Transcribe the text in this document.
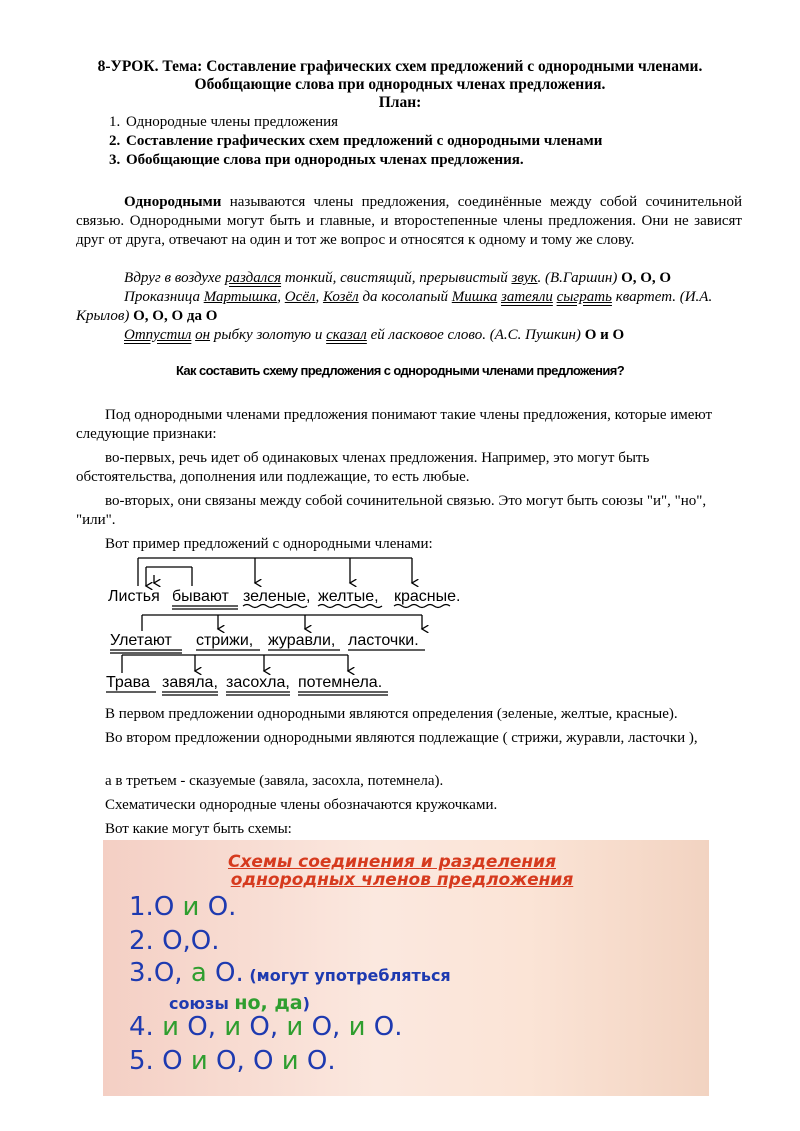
8-УРОК. Тема: Составление графических схем предложений с однородными членами.
Обобщающие слова при однородных членах предложения.
План:
1. Однородные члены предложения
2. Составление графических схем предложений с однородными членами
3. Обобщающие слова при однородных членах предложения.
Однородными называются члены предложения, соединённые между собой сочинительной связью. Однородными могут быть и главные, и второстепенные члены предложения. Они не зависят друг от друга, отвечают на один и тот же вопрос и относятся к одному и тому же слову.
Вдруг в воздухе раздался тонкий, свистящий, прерывистый звук. (В.Гаршин) О, О, О
Проказница Мартышка, Осёл, Козёл да косолапый Мишка затеяли сыграть квартет. (И.А. Крылов) О, О, О да О
Отпустил он рыбку золотую и сказал ей ласковое слово. (А.С. Пушкин) О и О
Как составить схему предложения с однородными членами предложения?
Под однородными членами предложения понимают такие члены предложения, которые имеют следующие признаки:
во-первых, речь идет об одинаковых членах предложения. Например, это могут быть обстоятельства, дополнения или подлежащие, то есть любые.
во-вторых, они связаны между собой сочинительной связью. Это могут быть союзы "и", "но", "или".
Вот пример предложений с однородными членами:
Листья бывают зеленые, желтые, красные.
Улетают стрижи, журавли, ласточки.
Трава завяла, засохла, потемнела.
В первом предложении однородными являются определения (зеленые, желтые, красные).
Во втором предложении однородными являются подлежащие ( стрижи, журавли, ласточки ),
а в третьем - сказуемые (завяла, засохла, потемнела).
Схематически однородные члены обозначаются кружочками.
Вот какие могут быть схемы:
Схемы соединения и разделения
однородных членов предложения
1.О и О.
2. О,О.
3.О, а О. (могут употребляться
союзы но, да)
4. и О, и О, и О, и О.
5. О и О, О и О.
